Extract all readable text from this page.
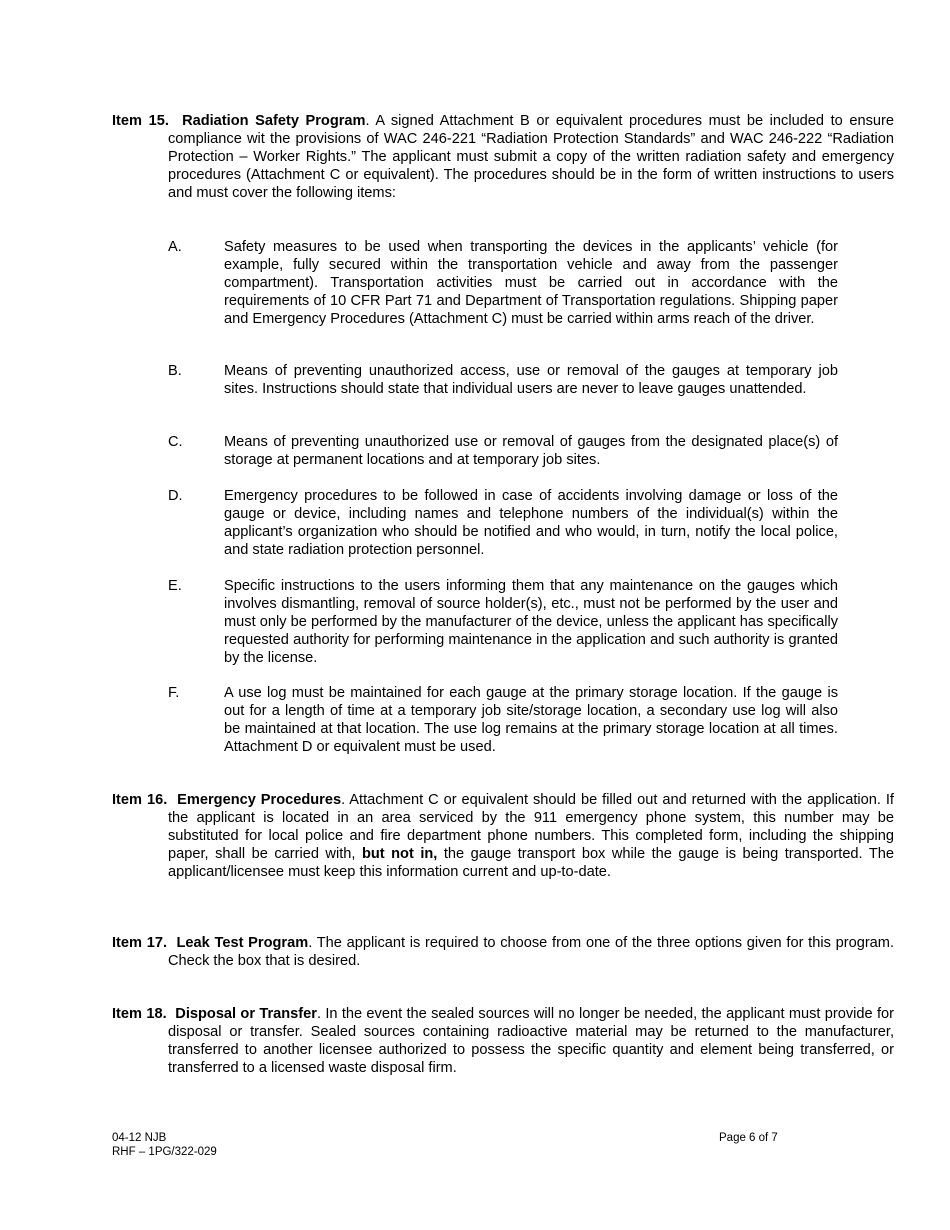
Item 15. Radiation Safety Program. A signed Attachment B or equivalent procedures must be included to ensure compliance wit the provisions of WAC 246-221 “Radiation Protection Standards” and WAC 246-222 “Radiation Protection – Worker Rights.” The applicant must submit a copy of the written radiation safety and emergency procedures (Attachment C or equivalent). The procedures should be in the form of written instructions to users and must cover the following items:
A.	Safety measures to be used when transporting the devices in the applicants’ vehicle (for example, fully secured within the transportation vehicle and away from the passenger compartment). Transportation activities must be carried out in accordance with the requirements of 10 CFR Part 71 and Department of Transportation regulations. Shipping paper and Emergency Procedures (Attachment C) must be carried within arms reach of the driver.
B.	Means of preventing unauthorized access, use or removal of the gauges at temporary job sites. Instructions should state that individual users are never to leave gauges unattended.
C.	Means of preventing unauthorized use or removal of gauges from the designated place(s) of storage at permanent locations and at temporary job sites.
D.	Emergency procedures to be followed in case of accidents involving damage or loss of the gauge or device, including names and telephone numbers of the individual(s) within the applicant’s organization who should be notified and who would, in turn, notify the local police, and state radiation protection personnel.
E.	Specific instructions to the users informing them that any maintenance on the gauges which involves dismantling, removal of source holder(s), etc., must not be performed by the user and must only be performed by the manufacturer of the device, unless the applicant has specifically requested authority for performing maintenance in the application and such authority is granted by the license.
F.	A use log must be maintained for each gauge at the primary storage location. If the gauge is out for a length of time at a temporary job site/storage location, a secondary use log will also be maintained at that location. The use log remains at the primary storage location at all times. Attachment D or equivalent must be used.
Item 16. Emergency Procedures. Attachment C or equivalent should be filled out and returned with the application. If the applicant is located in an area serviced by the 911 emergency phone system, this number may be substituted for local police and fire department phone numbers. This completed form, including the shipping paper, shall be carried with, but not in, the gauge transport box while the gauge is being transported. The applicant/licensee must keep this information current and up-to-date.
Item 17. Leak Test Program. The applicant is required to choose from one of the three options given for this program. Check the box that is desired.
Item 18. Disposal or Transfer. In the event the sealed sources will no longer be needed, the applicant must provide for disposal or transfer. Sealed sources containing radioactive material may be returned to the manufacturer, transferred to another licensee authorized to possess the specific quantity and element being transferred, or transferred to a licensed waste disposal firm.
04-12 NJB
RHF – 1PG/322-029
Page 6 of 7
